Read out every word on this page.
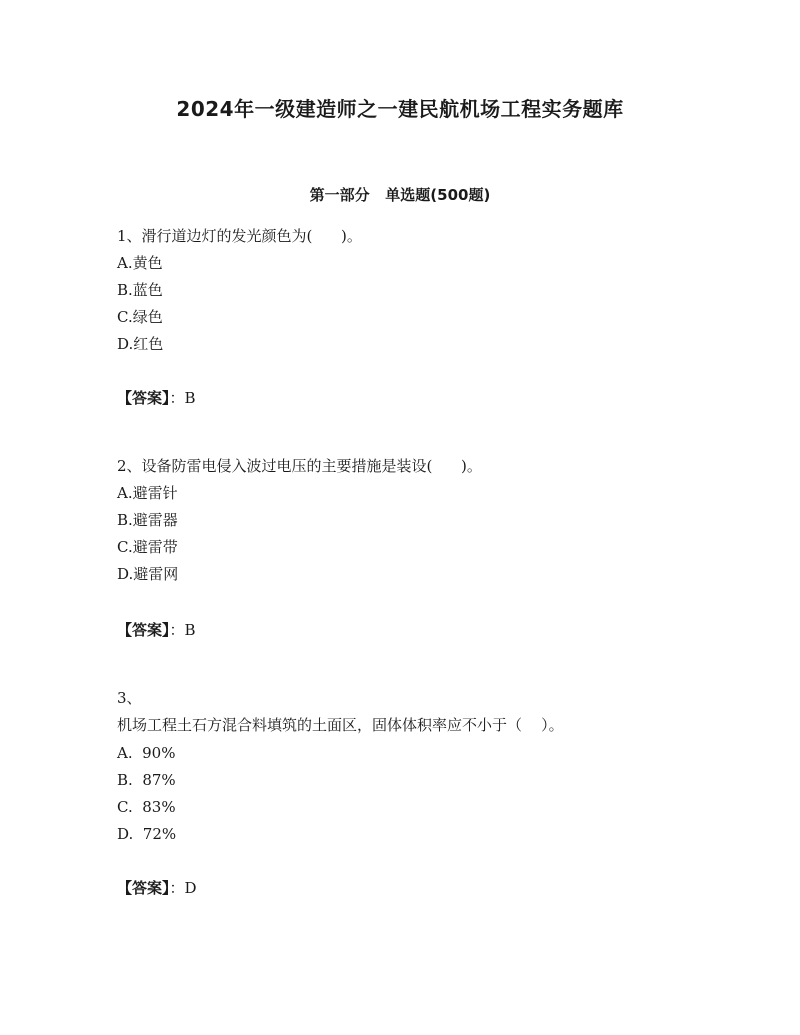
2024年一级建造师之一建民航机场工程实务题库
第一部分   单选题(500题)
1、滑行道边灯的发光颜色为(      )。
A.黄色
B.蓝色
C.绿色
D.红色
【答案】：B
2、设备防雷电侵入波过电压的主要措施是装设(      )。
A.避雷针
B.避雷器
C.避雷带
D.避雷网
【答案】：B
3、
机场工程土石方混合料填筑的土面区，固体体积率应不小于（    ）。
A.  90%
B.  87%
C.  83%
D.  72%
【答案】：D
